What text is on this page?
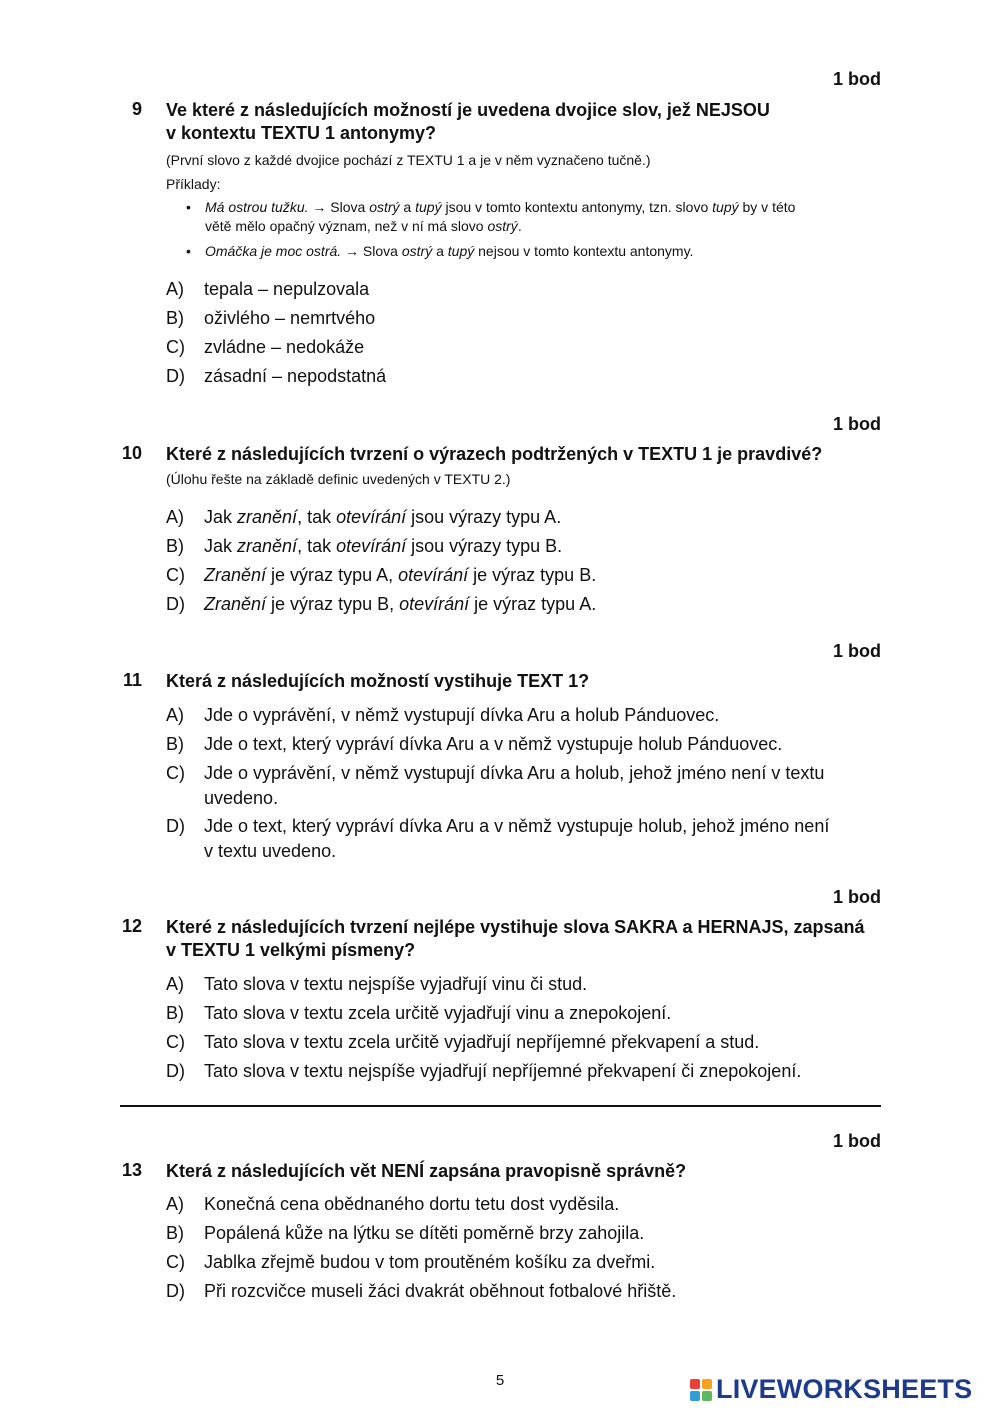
1 bod
9 Ve které z následujících možností je uvedena dvojice slov, jež NEJSOU
v kontextu TEXTU 1 antonymy?
(První slovo z každé dvojice pochází z TEXTU 1 a je v něm vyznačeno tučně.)
Příklady:
• Má ostrou tužku. → Slova ostrý a tupý jsou v tomto kontextu antonymy, tzn. slovo tupý by v této
větě mělo opačný význam, než v ní má slovo ostrý.
• Omáčka je moc ostrá. → Slova ostrý a tupý nejsou v tomto kontextu antonymy.
A) tepala – nepulzovala
B) oživlého – nemrtvého
C) zvládne – nedokáže
D) zásadní – nepodstatná
1 bod
10 Které z následujících tvrzení o výrazech podtržených v TEXTU 1 je pravdivé?
(Úlohu řešte na základě definic uvedených v TEXTU 2.)
A) Jak zranění, tak otevírání jsou výrazy typu A.
B) Jak zranění, tak otevírání jsou výrazy typu B.
C) Zranění je výraz typu A, otevírání je výraz typu B.
D) Zranění je výraz typu B, otevírání je výraz typu A.
1 bod
11 Která z následujících možností vystihuje TEXT 1?
A) Jde o vyprávění, v němž vystupují dívka Aru a holub Pánduovec.
B) Jde o text, který vypráví dívka Aru a v němž vystupuje holub Pánduovec.
C) Jde o vyprávění, v němž vystupují dívka Aru a holub, jehož jméno není v textu
uvedeno.
D) Jde o text, který vypráví dívka Aru a v němž vystupuje holub, jehož jméno není
v textu uvedeno.
1 bod
12 Které z následujících tvrzení nejlépe vystihuje slova SAKRA a HERNAJS, zapsaná
v TEXTU 1 velkými písmeny?
A) Tato slova v textu nejspíše vyjadřují vinu či stud.
B) Tato slova v textu zcela určitě vyjadřují vinu a znepokojení.
C) Tato slova v textu zcela určitě vyjadřují nepříjemné překvapení a stud.
D) Tato slova v textu nejspíše vyjadřují nepříjemné překvapení či znepokojení.
1 bod
13 Která z následujících vět NENÍ zapsána pravopisně správně?
A) Konečná cena obědnaného dortu tetu dost vyděsila.
B) Popálená kůže na lýtku se dítěti poměrně brzy zahojila.
C) Jablka zřejmě budou v tom proutěném košíku za dveřmi.
D) Při rozcvičce museli žáci dvakrát oběhnout fotbalové hřiště.
5	LIVEWORKSHEETS
